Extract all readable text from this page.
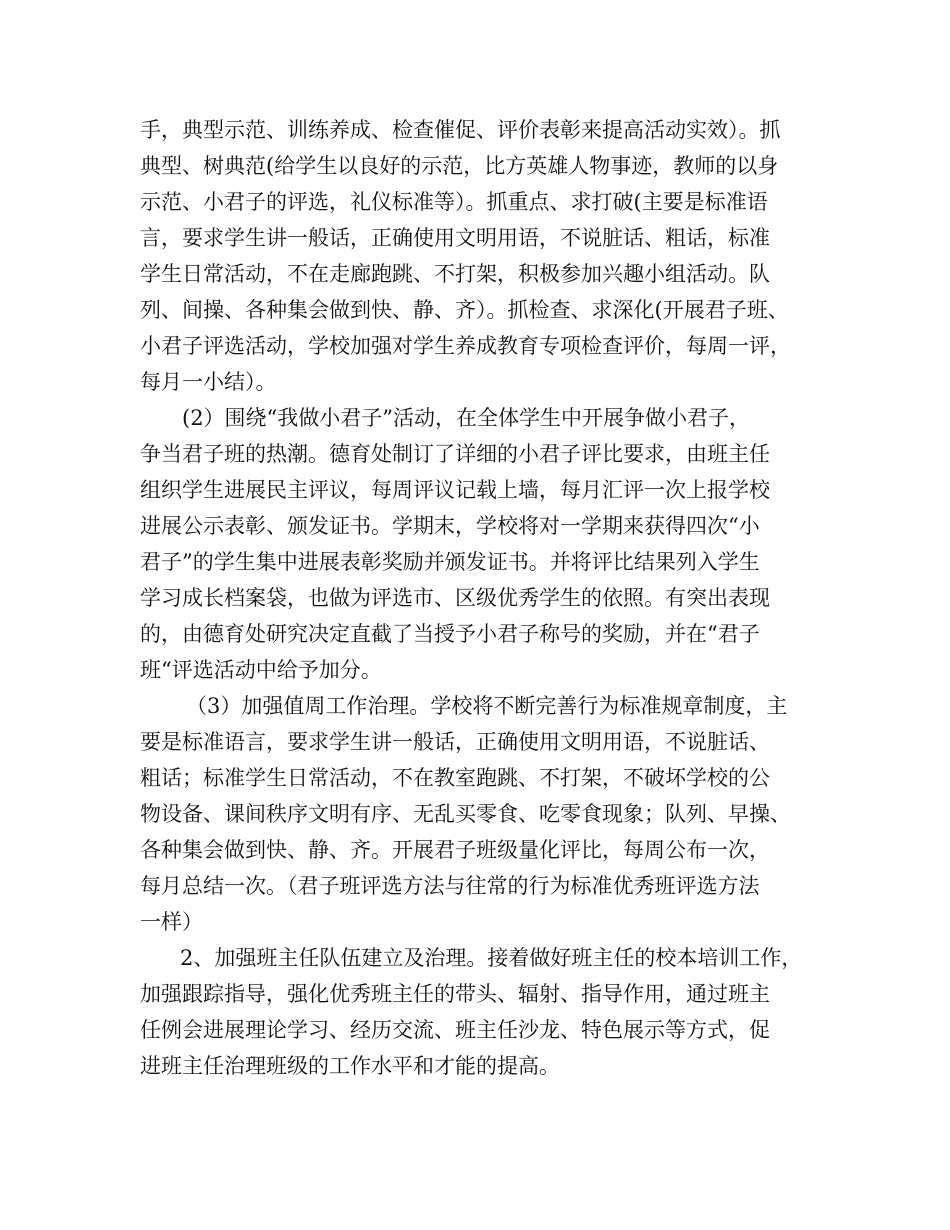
手，典型示范、训练养成、检查催促、评价表彰来提高活动实效）。抓
典型、树典范(给学生以良好的示范，比方英雄人物事迹，教师的以身
示范、小君子的评选，礼仪标准等）。抓重点、求打破(主要是标准语
言，要求学生讲一般话，正确使用文明用语，不说脏话、粗话，标准
学生日常活动，不在走廊跑跳、不打架，积极参加兴趣小组活动。队
列、间操、各种集会做到快、静、齐）。抓检查、求深化(开展君子班、
小君子评选活动，学校加强对学生养成教育专项检查评价，每周一评，
每月一小结）。
(2）围绕“我做小君子”活动，在全体学生中开展争做小君子，
争当君子班的热潮。德育处制订了详细的小君子评比要求，由班主任
组织学生进展民主评议，每周评议记载上墙，每月汇评一次上报学校
进展公示表彰、颁发证书。学期末，学校将对一学期来获得四次“小
君子”的学生集中进展表彰奖励并颁发证书。并将评比结果列入学生
学习成长档案袋，也做为评选市、区级优秀学生的依照。有突出表现
的，由德育处研究决定直截了当授予小君子称号的奖励，并在“君子
班“评选活动中给予加分。
（3）加强值周工作治理。学校将不断完善行为标准规章制度，主
要是标准语言，要求学生讲一般话，正确使用文明用语，不说脏话、
粗话；标准学生日常活动，不在教室跑跳、不打架，不破坏学校的公
物设备、课间秩序文明有序、无乱买零食、吃零食现象；队列、早操、
各种集会做到快、静、齐。开展君子班级量化评比，每周公布一次，
每月总结一次。（君子班评选方法与往常的行为标准优秀班评选方法
一样）
2、加强班主任队伍建立及治理。接着做好班主任的校本培训工作，
加强跟踪指导，强化优秀班主任的带头、辐射、指导作用，通过班主
任例会进展理论学习、经历交流、班主任沙龙、特色展示等方式，促
进班主任治理班级的工作水平和才能的提高。
